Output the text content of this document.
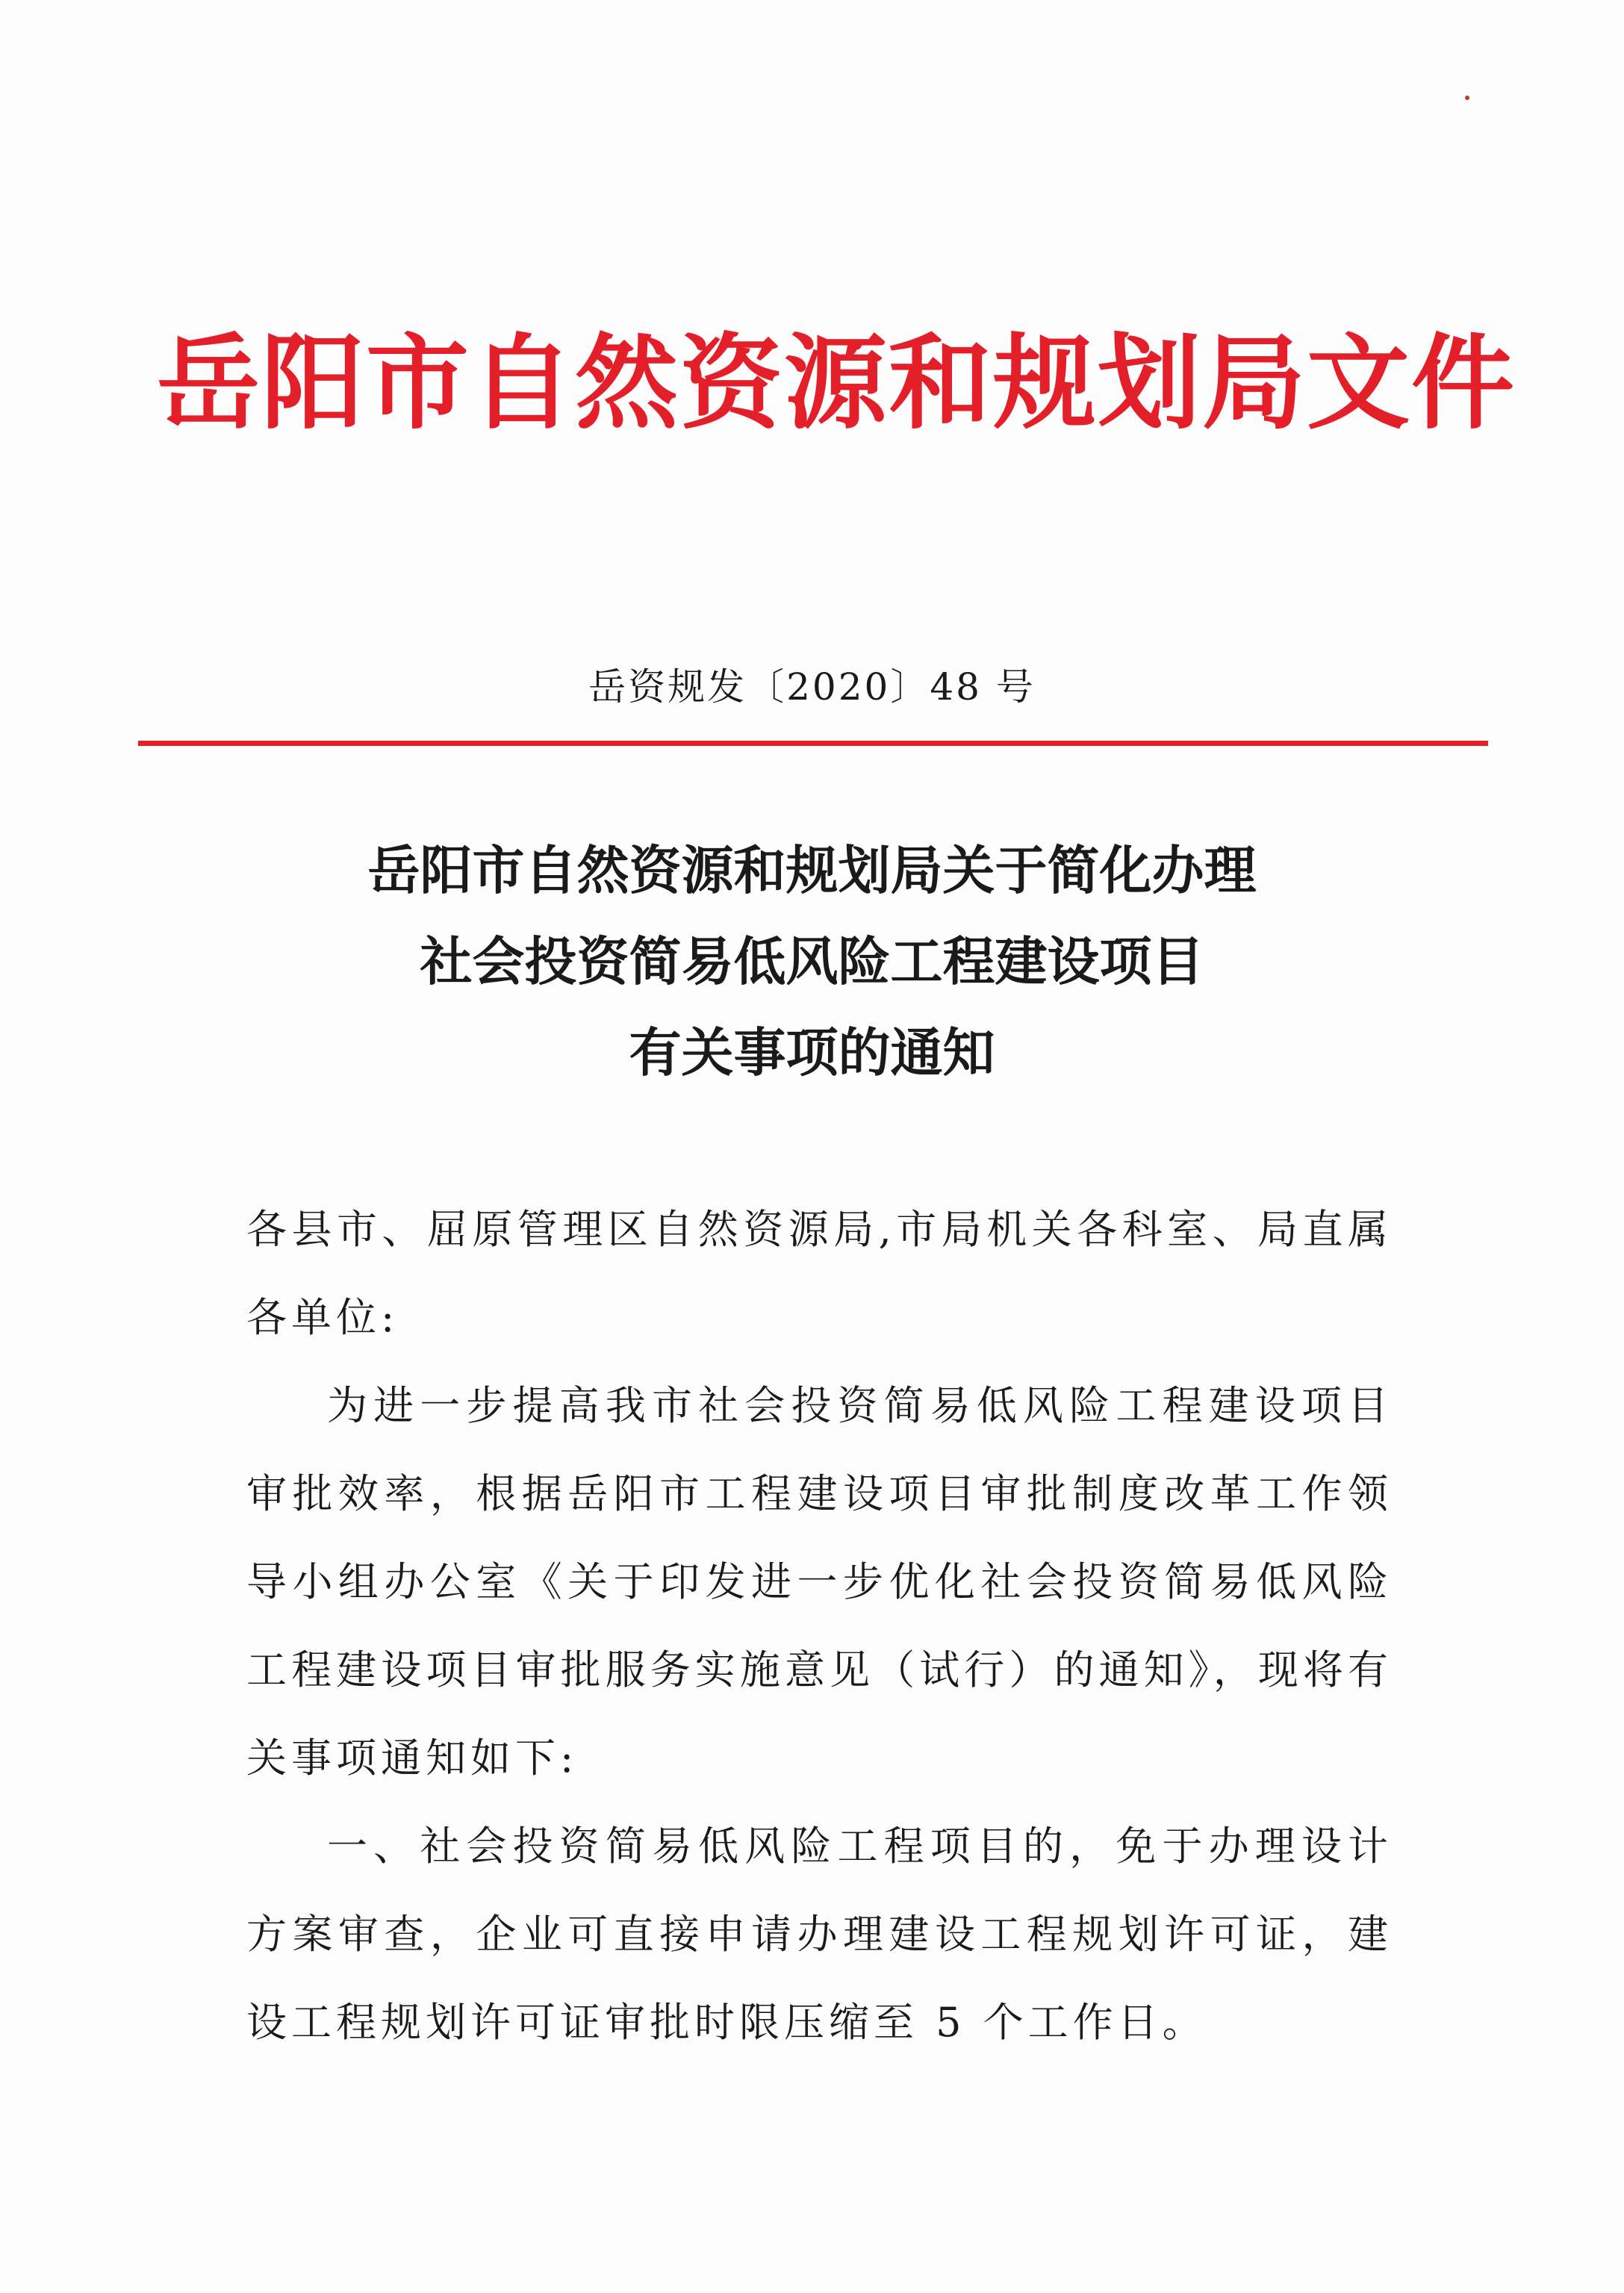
岳阳市自然资源和规划局文件
岳资规发〔2020〕48 号
岳阳市自然资源和规划局关于简化办理
社会投资简易低风险工程建设项目
有关事项的通知

各县市、屈原管理区自然资源局,市局机关各科室、局直属各单位:

为进一步提高我市社会投资简易低风险工程建设项目审批效率，根据岳阳市工程建设项目审批制度改革工作领导小组办公室《关于印发进一步优化社会投资简易低风险工程建设项目审批服务实施意见（试行）的通知》，现将有关事项通知如下:

一、社会投资简易低风险工程项目的，免于办理设计方案审查，企业可直接申请办理建设工程规划许可证，建设工程规划许可证审批时限压缩至 5 个工作日。
